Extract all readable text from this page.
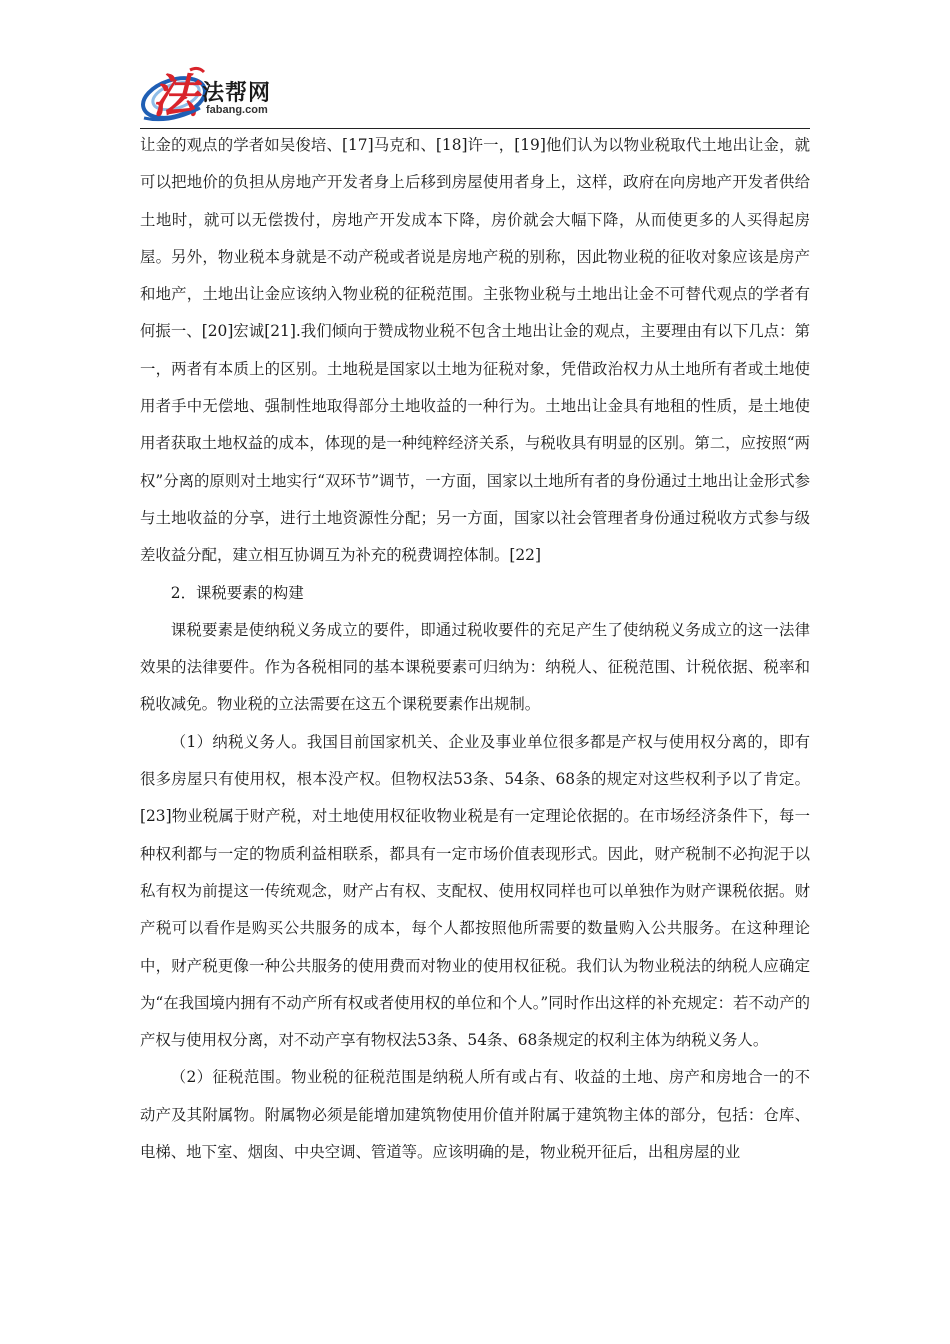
法 法帮网
fabang.com

让金的观点的学者如吴俊培、[17]马克和、[18]许一，[19]他们认为以物业税取代土地出让金，就可以把地价的负担从房地产开发者身上后移到房屋使用者身上，这样，政府在向房地产开发者供给土地时，就可以无偿拨付，房地产开发成本下降，房价就会大幅下降，从而使更多的人买得起房屋。另外，物业税本身就是不动产税或者说是房地产税的别称，因此物业税的征收对象应该是房产和地产，土地出让金应该纳入物业税的征税范围。主张物业税与土地出让金不可替代观点的学者有何振一、[20]宏诚[21].我们倾向于赞成物业税不包含土地出让金的观点，主要理由有以下几点：第一，两者有本质上的区别。土地税是国家以土地为征税对象，凭借政治权力从土地所有者或土地使用者手中无偿地、强制性地取得部分土地收益的一种行为。土地出让金具有地租的性质，是土地使用者获取土地权益的成本，体现的是一种纯粹经济关系，与税收具有明显的区别。第二，应按照“两权”分离的原则对土地实行“双环节”调节，一方面，国家以土地所有者的身份通过土地出让金形式参与土地收益的分享，进行土地资源性分配；另一方面，国家以社会管理者身份通过税收方式参与级差收益分配，建立相互协调互为补充的税费调控体制。[22]

2．课税要素的构建

课税要素是使纳税义务成立的要件，即通过税收要件的充足产生了使纳税义务成立的这一法律效果的法律要件。作为各税相同的基本课税要素可归纳为：纳税人、征税范围、计税依据、税率和税收减免。物业税的立法需要在这五个课税要素作出规制。

（1）纳税义务人。我国目前国家机关、企业及事业单位很多都是产权与使用权分离的，即有很多房屋只有使用权，根本没产权。但物权法53条、54条、68条的规定对这些权利予以了肯定。[23]物业税属于财产税，对土地使用权征收物业税是有一定理论依据的。在市场经济条件下，每一种权利都与一定的物质利益相联系，都具有一定市场价值表现形式。因此，财产税制不必拘泥于以私有权为前提这一传统观念，财产占有权、支配权、使用权同样也可以单独作为财产课税依据。财产税可以看作是购买公共服务的成本，每个人都按照他所需要的数量购入公共服务。在这种理论中，财产税更像一种公共服务的使用费而对物业的使用权征税。我们认为物业税法的纳税人应确定为“在我国境内拥有不动产所有权或者使用权的单位和个人。”同时作出这样的补充规定：若不动产的产权与使用权分离，对不动产享有物权法53条、54条、68条规定的权利主体为纳税义务人。

（2）征税范围。物业税的征税范围是纳税人所有或占有、收益的土地、房产和房地合一的不动产及其附属物。附属物必须是能增加建筑物使用价值并附属于建筑物主体的部分，包括：仓库、电梯、地下室、烟囱、中央空调、管道等。应该明确的是，物业税开征后，出租房屋的业
